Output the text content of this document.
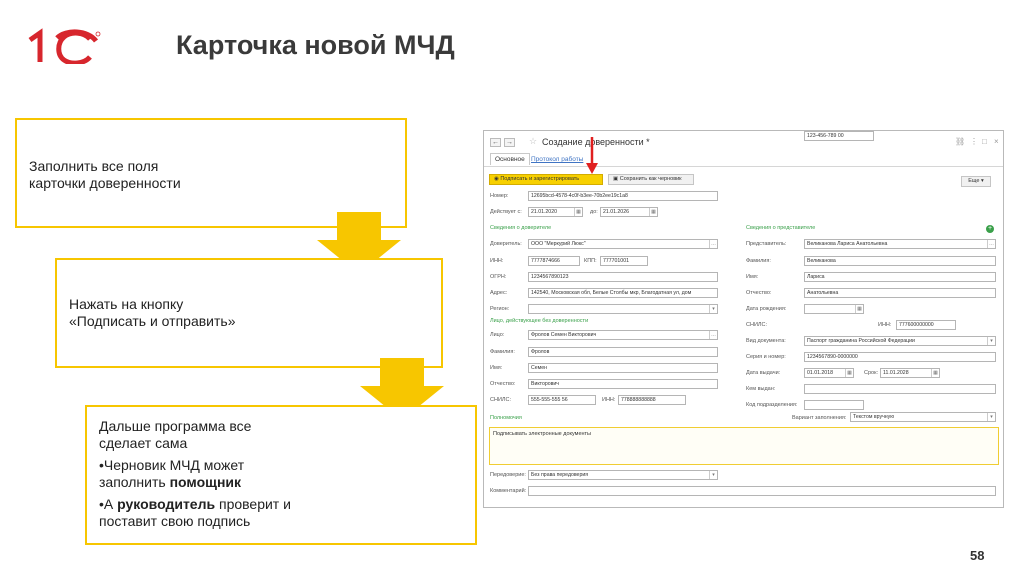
Карточка новой МЧД
Заполнить все поля
карточки доверенности
Нажать на кнопку
«Подписать и отправить»
Дальше программа все
сделает сама
•Черновик МЧД может
заполнить помощник
•А руководитель проверит и
поставит свою подпись
← → ☆ Создание доверенности *	⛓ ⋮ □ ×
Основное Протокол работы
◉ Подписать и зарегистрировать	▣ Сохранить как черновик	Еще ▾
Номер:	12695bcd-4578-4c0f-b3ee-70b2ee19c1a8
Действует с:	21.01.2020	▦ до:	21.01.2026	▦
Сведения о доверителе
Доверитель:	ООО "Меркурий Люкс"	…
ИНН:	7777874666	КПП:	777701001
ОГРН:	1234567890123
Адрес:	142540, Московская обл, Белые Столбы мкр, Благодатная ул, дом
Регион:	▾
Лицо, действующее без доверенности
Лицо:	Фролов Семен Викторович	…
Фамилия:	Фролов
Имя:	Семен
Отчество:	Викторович
СНИЛС:	555-555-555 56	ИНН:	778888888888
Сведения о представителе	+
Представитель:	Великанова Лариса Анатольевна	…
Фамилия:	Великанова
Имя:	Лариса
Отчество:	Анатольевна
Дата рождения:	▦
СНИЛС:
123-456-789 00
ИНН:	777600000000
Вид документа:	Паспорт гражданина Российской Федерации	▾
Серия и номер:	1234567890-0000000
Дата выдачи:	01.01.2018	▦ Срок: 11.01.2028	▦
Кем выдан:
Код подразделения:
Полномочия	Вариант заполнения:	Текстом вручную	▾
Подписывать электронные документы
Передоверие: Без права передоверия	▾
Комментарий:
58
